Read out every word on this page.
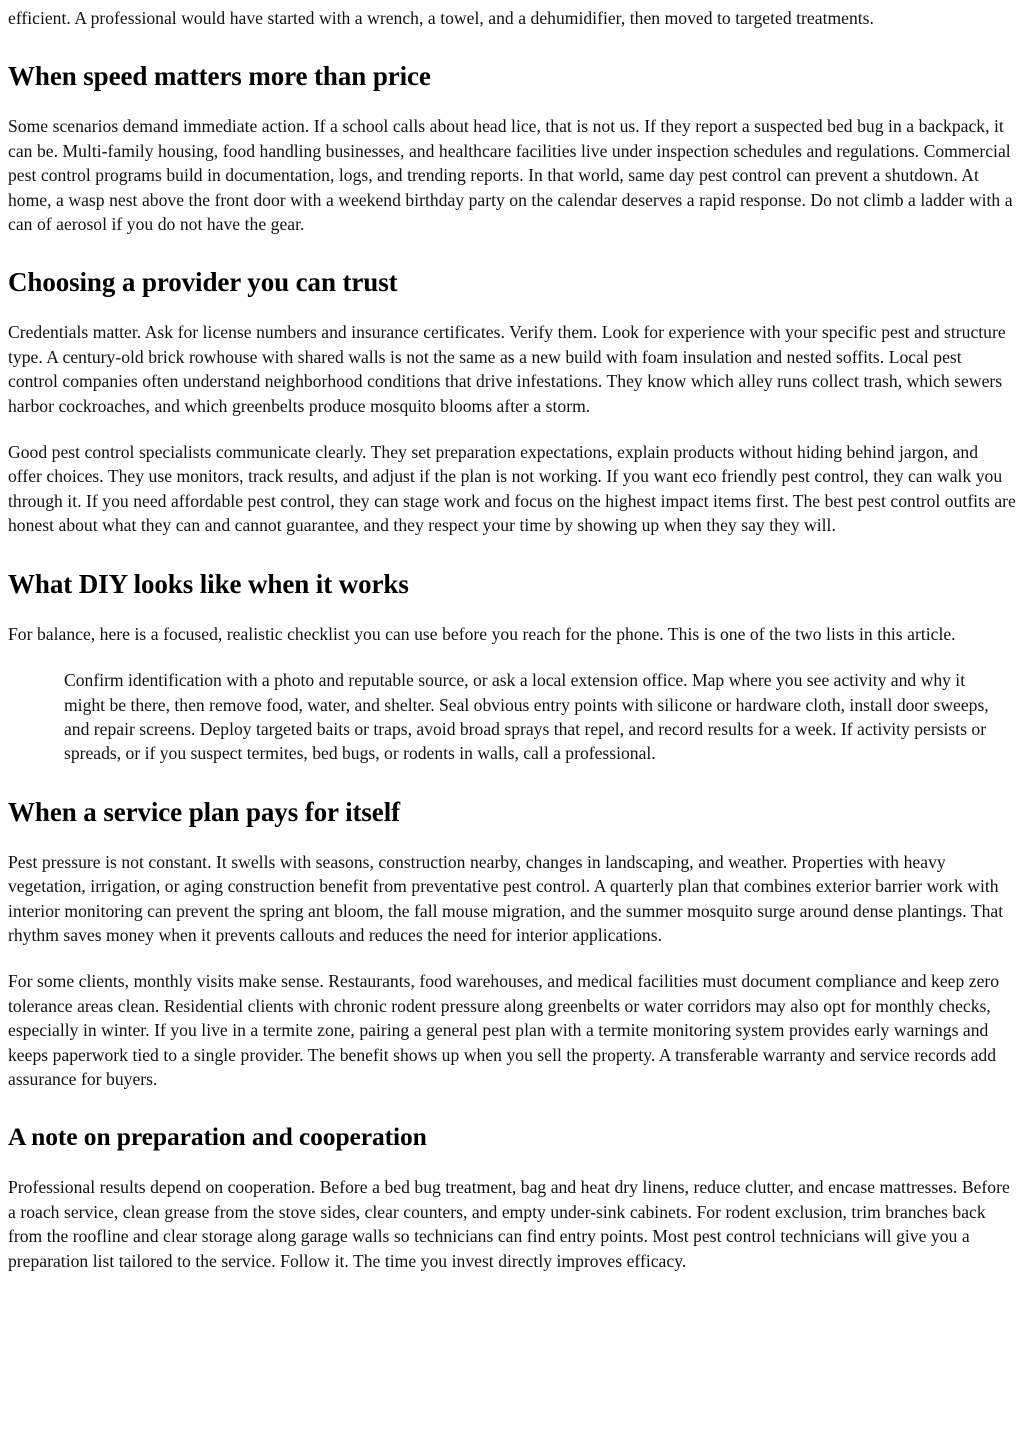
efficient. A professional would have started with a wrench, a towel, and a dehumidifier, then moved to targeted treatments.

When speed matters more than price

Some scenarios demand immediate action. If a school calls about head lice, that is not us. If they report a suspected bed bug in a backpack, it can be. Multi-family housing, food handling businesses, and healthcare facilities live under inspection schedules and regulations. Commercial pest control programs build in documentation, logs, and trending reports. In that world, same day pest control can prevent a shutdown. At home, a wasp nest above the front door with a weekend birthday party on the calendar deserves a rapid response. Do not climb a ladder with a can of aerosol if you do not have the gear.

Choosing a provider you can trust

Credentials matter. Ask for license numbers and insurance certificates. Verify them. Look for experience with your specific pest and structure type. A century-old brick rowhouse with shared walls is not the same as a new build with foam insulation and nested soffits. Local pest control companies often understand neighborhood conditions that drive infestations. They know which alley runs collect trash, which sewers harbor cockroaches, and which greenbelts produce mosquito blooms after a storm.

Good pest control specialists communicate clearly. They set preparation expectations, explain products without hiding behind jargon, and offer choices. They use monitors, track results, and adjust if the plan is not working. If you want eco friendly pest control, they can walk you through it. If you need affordable pest control, they can stage work and focus on the highest impact items first. The best pest control outfits are honest about what they can and cannot guarantee, and they respect your time by showing up when they say they will.

What DIY looks like when it works

For balance, here is a focused, realistic checklist you can use before you reach for the phone. This is one of the two lists in this article.

Confirm identification with a photo and reputable source, or ask a local extension office. Map where you see activity and why it might be there, then remove food, water, and shelter. Seal obvious entry points with silicone or hardware cloth, install door sweeps, and repair screens. Deploy targeted baits or traps, avoid broad sprays that repel, and record results for a week. If activity persists or spreads, or if you suspect termites, bed bugs, or rodents in walls, call a professional.

When a service plan pays for itself

Pest pressure is not constant. It swells with seasons, construction nearby, changes in landscaping, and weather. Properties with heavy vegetation, irrigation, or aging construction benefit from preventative pest control. A quarterly plan that combines exterior barrier work with interior monitoring can prevent the spring ant bloom, the fall mouse migration, and the summer mosquito surge around dense plantings. That rhythm saves money when it prevents callouts and reduces the need for interior applications.

For some clients, monthly visits make sense. Restaurants, food warehouses, and medical facilities must document compliance and keep zero tolerance areas clean. Residential clients with chronic rodent pressure along greenbelts or water corridors may also opt for monthly checks, especially in winter. If you live in a termite zone, pairing a general pest plan with a termite monitoring system provides early warnings and keeps paperwork tied to a single provider. The benefit shows up when you sell the property. A transferable warranty and service records add assurance for buyers.

A note on preparation and cooperation

Professional results depend on cooperation. Before a bed bug treatment, bag and heat dry linens, reduce clutter, and encase mattresses. Before a roach service, clean grease from the stove sides, clear counters, and empty under-sink cabinets. For rodent exclusion, trim branches back from the roofline and clear storage along garage walls so technicians can find entry points. Most pest control technicians will give you a preparation list tailored to the service. Follow it. The time you invest directly improves efficacy.
